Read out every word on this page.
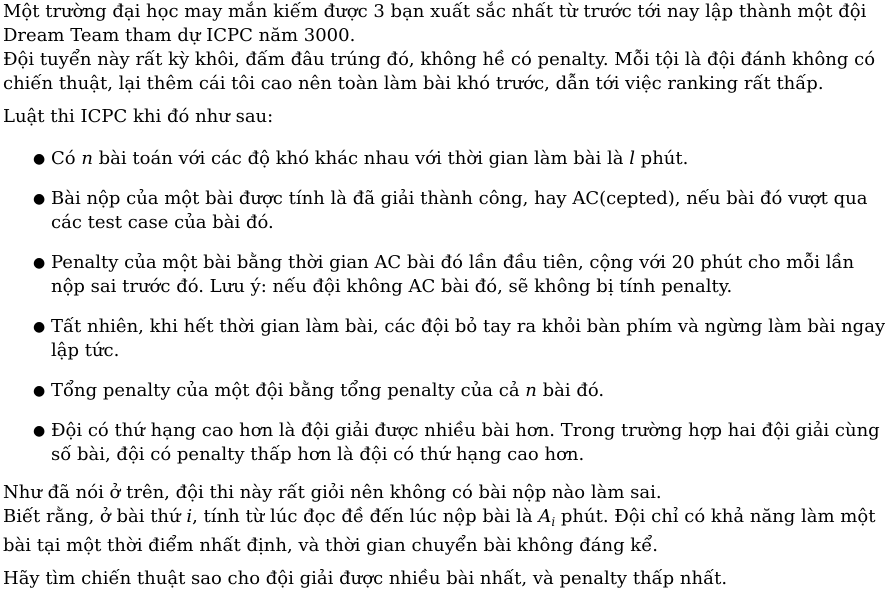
Một trường đại học may mắn kiếm được 3 bạn xuất sắc nhất từ trước tới nay lập thành một đội
Dream Team tham dự ICPC năm 3000.
Đội tuyển này rất kỳ khôi, đấm đâu trúng đó, không hề có penalty. Mỗi tội là đội đánh không có
chiến thuật, lại thêm cái tôi cao nên toàn làm bài khó trước, dẫn tới việc ranking rất thấp.
Luật thi ICPC khi đó như sau:
● Có n bài toán với các độ khó khác nhau với thời gian làm bài là l phút.
● Bài nộp của một bài được tính là đã giải thành công, hay AC(cepted), nếu bài đó vượt qua
các test case của bài đó.
● Penalty của một bài bằng thời gian AC bài đó lần đầu tiên, cộng với 20 phút cho mỗi lần
nộp sai trước đó. Lưu ý: nếu đội không AC bài đó, sẽ không bị tính penalty.
● Tất nhiên, khi hết thời gian làm bài, các đội bỏ tay ra khỏi bàn phím và ngừng làm bài ngay
lập tức.
● Tổng penalty của một đội bằng tổng penalty của cả n bài đó.
● Đội có thứ hạng cao hơn là đội giải được nhiều bài hơn. Trong trường hợp hai đội giải cùng
số bài, đội có penalty thấp hơn là đội có thứ hạng cao hơn.
Như đã nói ở trên, đội thi này rất giỏi nên không có bài nộp nào làm sai.
Biết rằng, ở bài thứ i, tính từ lúc đọc đề đến lúc nộp bài là $A_i$ phút. Đội chỉ có khả năng làm một
bài tại một thời điểm nhất định, và thời gian chuyển bài không đáng kể.
Hãy tìm chiến thuật sao cho đội giải được nhiều bài nhất, và penalty thấp nhất.
